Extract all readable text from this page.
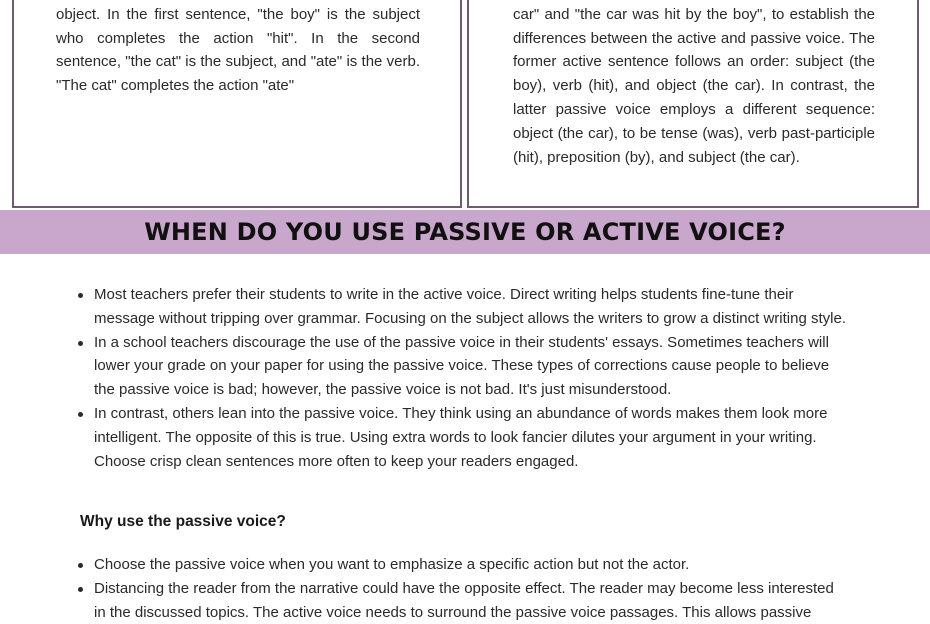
object. In the first sentence, "the boy" is the subject who completes the action "hit". In the second sentence, "the cat" is the subject, and "ate" is the verb. "The cat" completes the action "ate"

car" and "the car was hit by the boy", to establish the differences between the active and passive voice. The former active sentence follows an order: subject (the boy), verb (hit), and object (the car). In contrast, the latter passive voice employs a different sequence: object (the car), to be tense (was), verb past-participle (hit), preposition (by), and subject (the car).

WHEN DO YOU USE PASSIVE OR ACTIVE VOICE?
Most teachers prefer their students to write in the active voice. Direct writing helps students fine-tune their message without tripping over grammar. Focusing on the subject allows the writers to grow a distinct writing style.
In a school teachers discourage the use of the passive voice in their students' essays. Sometimes teachers will lower your grade on your paper for using the passive voice. These types of corrections cause people to believe the passive voice is bad; however, the passive voice is not bad. It's just misunderstood.
In contrast, others lean into the passive voice. They think using an abundance of words makes them look more intelligent. The opposite of this is true. Using extra words to look fancier dilutes your argument in your writing. Choose crisp clean sentences more often to keep your readers engaged.
Why use the passive voice?
Choose the passive voice when you want to emphasize a specific action but not the actor.
Distancing the reader from the narrative could have the opposite effect. The reader may become less interested in the discussed topics. The active voice needs to surround the passive voice passages. This allows passive
